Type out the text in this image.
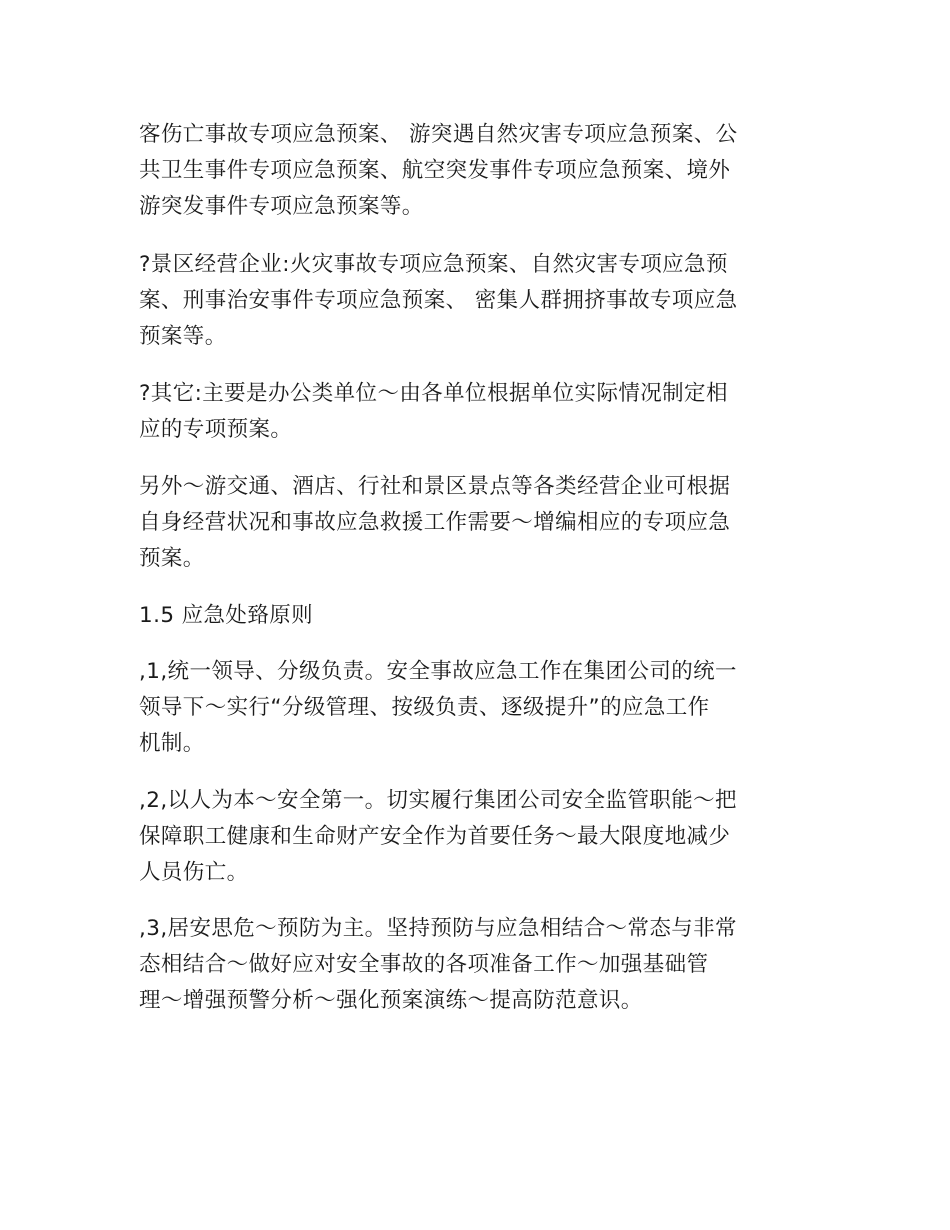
客伤亡事故专项应急预案、 游突遇自然灾害专项应急预案、公
共卫生事件专项应急预案、航空突发事件专项应急预案、境外
游突发事件专项应急预案等。
?景区经营企业:火灾事故专项应急预案、自然灾害专项应急预
案、刑事治安事件专项应急预案、 密集人群拥挤事故专项应急
预案等。
?其它:主要是办公类单位～由各单位根据单位实际情况制定相
应的专项预案。
另外～游交通、酒店、行社和景区景点等各类经营企业可根据
自身经营状况和事故应急救援工作需要～增编相应的专项应急
预案。
1.5 应急处臵原则
,1,统一领导、分级负责。安全事故应急工作在集团公司的统一
领导下～实行“分级管理、按级负责、逐级提升”的应急工作
机制。
,2,以人为本～安全第一。切实履行集团公司安全监管职能～把
保障职工健康和生命财产安全作为首要任务～最大限度地减少
人员伤亡。
,3,居安思危～预防为主。坚持预防与应急相结合～常态与非常
态相结合～做好应对安全事故的各项准备工作～加强基础管
理～增强预警分析～强化预案演练～提高防范意识。
